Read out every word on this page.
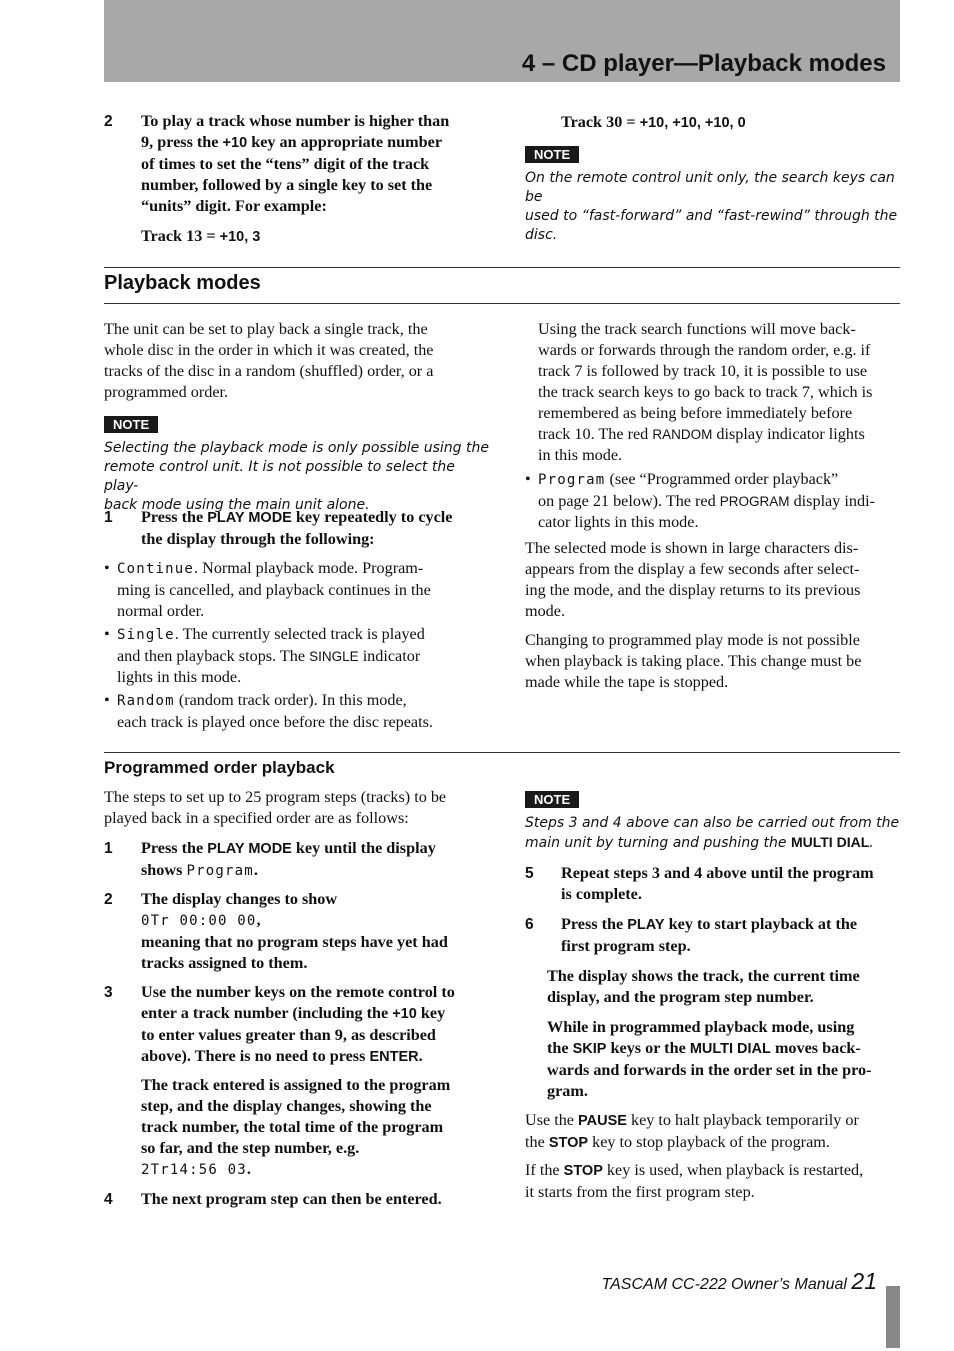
4 – CD player—Playback modes
2 To play a track whose number is higher than
9, press the +10 key an appropriate number
of times to set the “tens” digit of the track
number, followed by a single key to set the
“units” digit. For example:
Track 13 = +10, 3
Track 30 = +10, +10, +10, 0
NOTE
On the remote control unit only, the search keys can be
used to “fast-forward” and “fast-rewind” through the
disc.
Playback modes
The unit can be set to play back a single track, the
whole disc in the order in which it was created, the
tracks of the disc in a random (shuffled) order, or a
programmed order.
NOTE
Selecting the playback mode is only possible using the
remote control unit. It is not possible to select the play-
back mode using the main unit alone.
1 Press the PLAY MODE key repeatedly to cycle
the display through the following:
• Continue. Normal playback mode. Program-
ming is cancelled, and playback continues in the
normal order.
• Single. The currently selected track is played
and then playback stops. The SINGLE indicator
lights in this mode.
• Random (random track order). In this mode,
each track is played once before the disc repeats.
Using the track search functions will move back-
wards or forwards through the random order, e.g. if
track 7 is followed by track 10, it is possible to use
the track search keys to go back to track 7, which is
remembered as being before immediately before
track 10. The red RANDOM display indicator lights
in this mode.
• Program (see “Programmed order playback”
on page 21 below). The red PROGRAM display indi-
cator lights in this mode.
The selected mode is shown in large characters dis-
appears from the display a few seconds after select-
ing the mode, and the display returns to its previous
mode.
Changing to programmed play mode is not possible
when playback is taking place. This change must be
made while the tape is stopped.
Programmed order playback
The steps to set up to 25 program steps (tracks) to be
played back in a specified order are as follows:
1 Press the PLAY MODE key until the display
shows Program.
2 The display changes to show
0Tr 00:00 00,
meaning that no program steps have yet had
tracks assigned to them.
3 Use the number keys on the remote control to
enter a track number (including the +10 key
to enter values greater than 9, as described
above). There is no need to press ENTER.
The track entered is assigned to the program
step, and the display changes, showing the
track number, the total time of the program
so far, and the step number, e.g.
2Tr14:56 03.
4 The next program step can then be entered.
NOTE
Steps 3 and 4 above can also be carried out from the
main unit by turning and pushing the MULTI DIAL.
5 Repeat steps 3 and 4 above until the program
is complete.
6 Press the PLAY key to start playback at the
first program step.
The display shows the track, the current time
display, and the program step number.
While in programmed playback mode, using
the SKIP keys or the MULTI DIAL moves back-
wards and forwards in the order set in the pro-
gram.
Use the PAUSE key to halt playback temporarily or
the STOP key to stop playback of the program.
If the STOP key is used, when playback is restarted,
it starts from the first program step.
TASCAM CC-222 Owner’s Manual 21
